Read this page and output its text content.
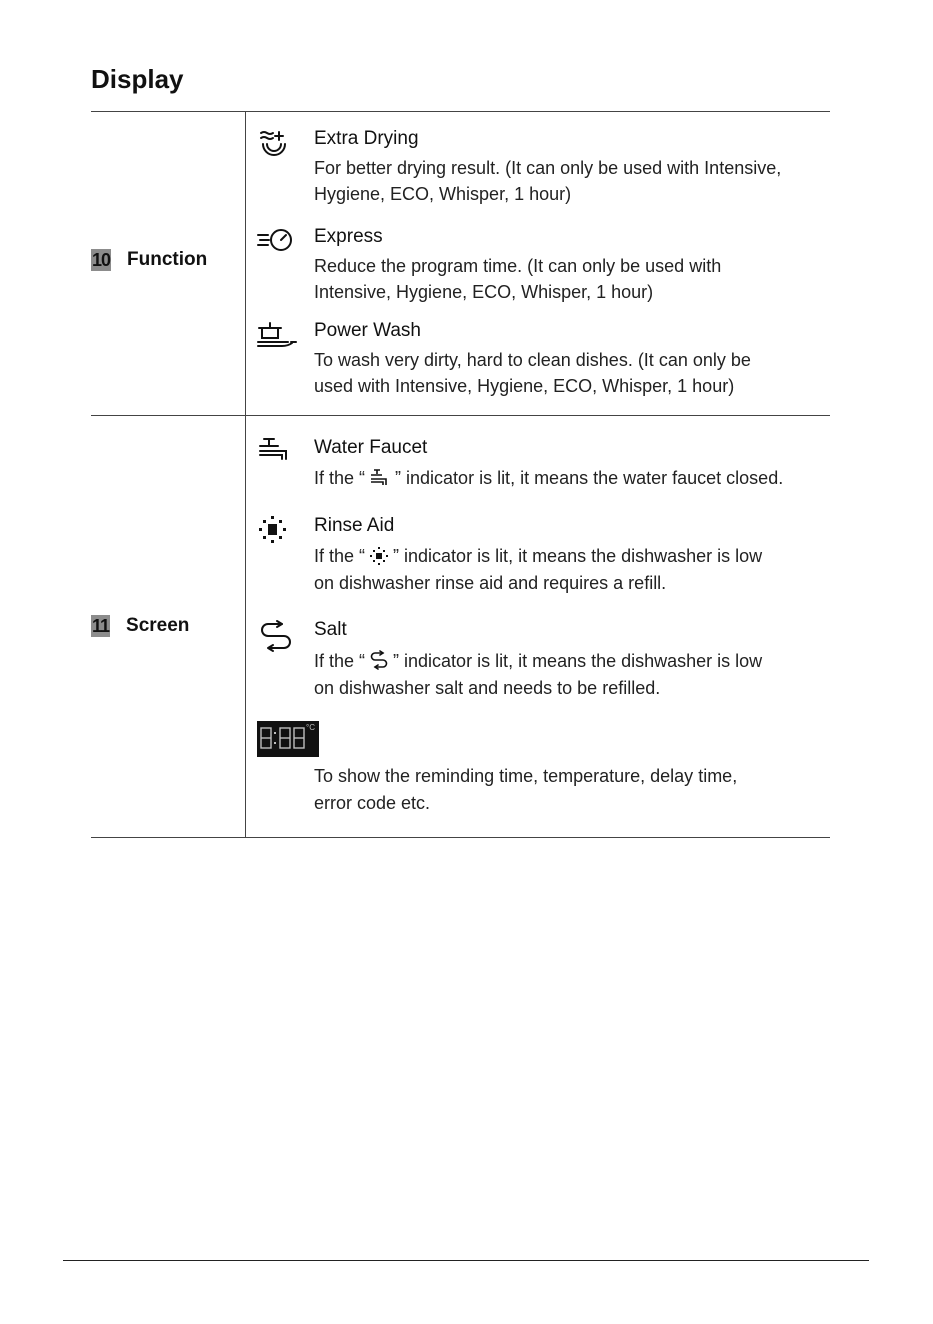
Display
10 Function
Extra Drying
For better drying result. (It can only be used with Intensive,
Hygiene, ECO, Whisper, 1 hour)
Express
Reduce the program time. (It can only be used with
Intensive, Hygiene, ECO, Whisper, 1 hour)
Power Wash
To wash very dirty, hard to clean dishes. (It can only be
used with Intensive, Hygiene, ECO, Whisper, 1 hour)
11 Screen
Water Faucet
If the “ ” indicator is lit, it means the water faucet closed.
Rinse Aid
If the “ ” indicator is lit, it means the dishwasher is low
on dishwasher rinse aid and requires a refill.
Salt
If the “ ” indicator is lit, it means the dishwasher is low
on dishwasher salt and needs to be refilled.
°C
To show the reminding time, temperature, delay time,
error code etc.
